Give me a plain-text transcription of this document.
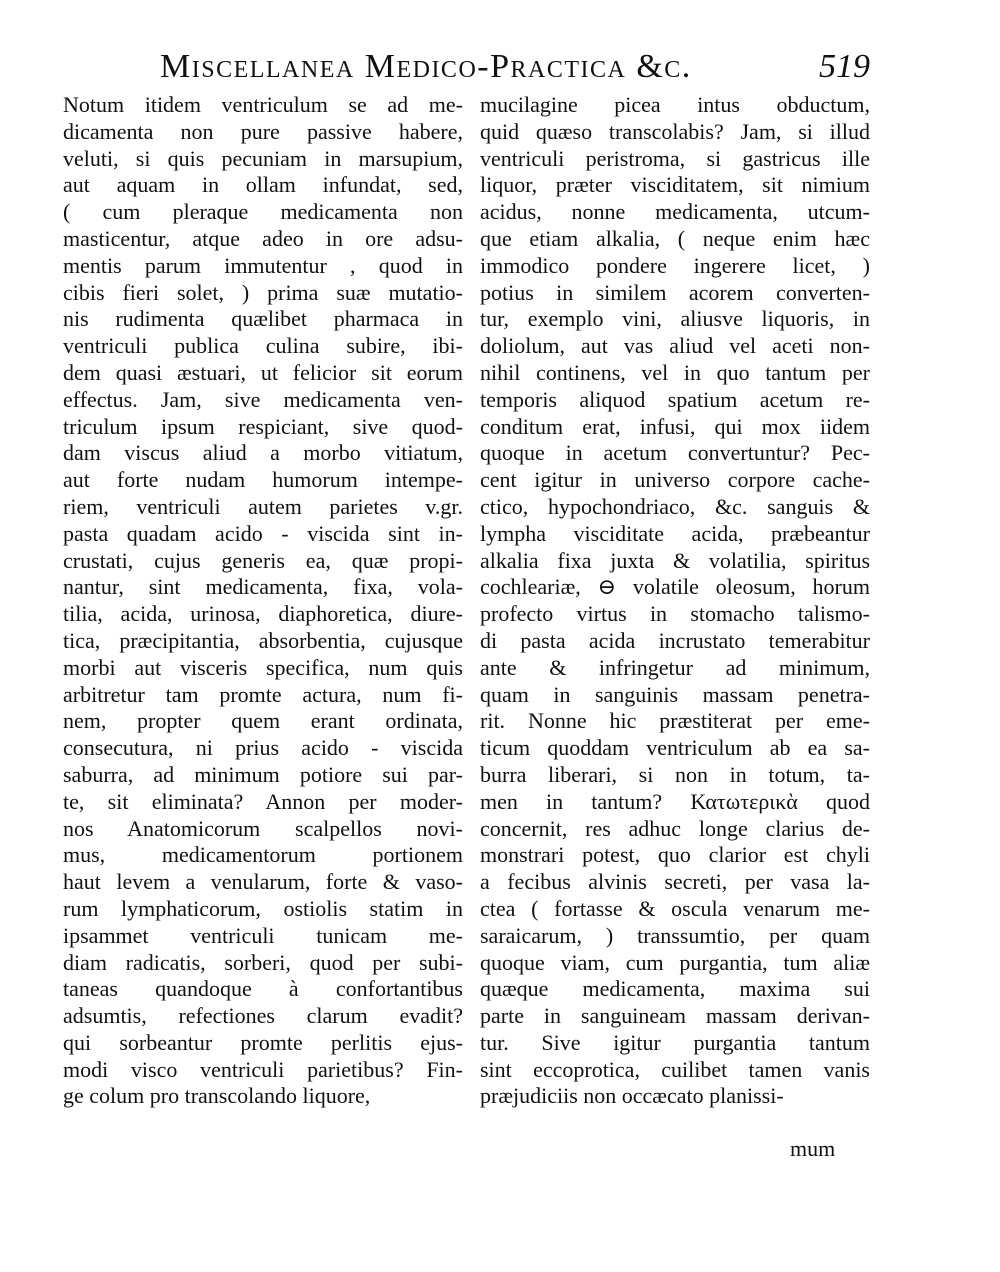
Miscellanea Medico-Practica &c.	519
Notum itidem ventriculum se ad me-
dicamenta non pure passive habere,
veluti, si quis pecuniam in marsupium,
aut aquam in ollam infundat, sed,
( cum pleraque medicamenta non
masticentur, atque adeo in ore adsu-
mentis parum immutentur , quod in
cibis fieri solet, ) prima suæ mutatio-
nis rudimenta quælibet pharmaca in
ventriculi publica culina subire, ibi-
dem quasi æstuari, ut felicior sit eorum
effectus. Jam, sive medicamenta ven-
triculum ipsum respiciant, sive quod-
dam viscus aliud a morbo vitiatum,
aut forte nudam humorum intempe-
riem, ventriculi autem parietes v.gr.
pasta quadam acido - viscida sint in-
crustati, cujus generis ea, quæ propi-
nantur, sint medicamenta, fixa, vola-
tilia, acida, urinosa, diaphoretica, diure-
tica, præcipitantia, absorbentia, cujusque
morbi aut visceris specifica, num quis
arbitretur tam promte actura, num fi-
nem, propter quem erant ordinata,
consecutura, ni prius acido - viscida
saburra, ad minimum potiore sui par-
te, sit eliminata? Annon per moder-
nos Anatomicorum scalpellos novi-
mus, medicamentorum portionem
haut levem a venularum, forte & vaso-
rum lymphaticorum, ostiolis statim in
ipsammet ventriculi tunicam me-
diam radicatis, sorberi, quod per subi-
taneas quandoque à confortantibus
adsumtis, refectiones clarum evadit?
qui sorbeantur promte perlitis ejus-
modi visco ventriculi parietibus? Fin-
ge colum pro transcolando liquore,
mucilagine picea intus obductum,
quid quæso transcolabis? Jam, si illud
ventriculi peristroma, si gastricus ille
liquor, præter visciditatem, sit nimium
acidus, nonne medicamenta, utcum-
que etiam alkalia, ( neque enim hæc
immodico pondere ingerere licet, )
potius in similem acorem converten-
tur, exemplo vini, aliusve liquoris, in
doliolum, aut vas aliud vel aceti non-
nihil continens, vel in quo tantum per
temporis aliquod spatium acetum re-
conditum erat, infusi, qui mox iidem
quoque in acetum convertuntur? Pec-
cent igitur in universo corpore cache-
ctico, hypochondriaco, &c. sanguis &
lympha visciditate acida, præbeantur
alkalia fixa juxta & volatilia, spiritus
cochleariæ, ⊖ volatile oleosum, horum
profecto virtus in stomacho talismo-
di pasta acida incrustato temerabitur
ante & infringetur ad minimum,
quam in sanguinis massam penetra-
rit. Nonne hic præstiterat per eme-
ticum quoddam ventriculum ab ea sa-
burra liberari, si non in totum, ta-
men in tantum? Κατωτερικὰ quod
concernit, res adhuc longe clarius de-
monstrari potest, quo clarior est chyli
a fecibus alvinis secreti, per vasa la-
ctea ( fortasse & oscula venarum me-
saraicarum, ) transsumtio, per quam
quoque viam, cum purgantia, tum aliæ
quæque medicamenta, maxima sui
parte in sanguineam massam derivan-
tur. Sive igitur purgantia tantum
sint eccoprotica, cuilibet tamen vanis
præjudiciis non occæcato planissi-
mum
